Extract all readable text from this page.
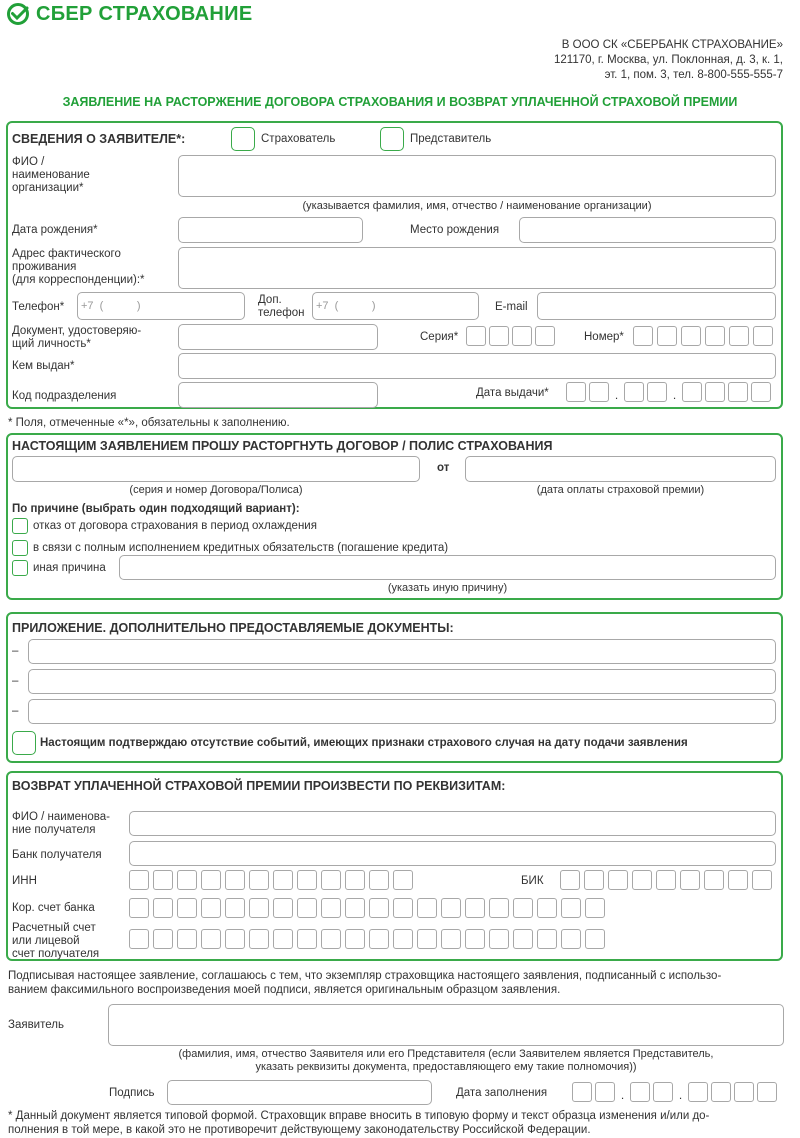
СБЕР СТРАХОВАНИЕ
В ООО СК «СБЕРБАНК СТРАХОВАНИЕ»
121170, г. Москва, ул. Поклонная, д. 3, к. 1,
эт. 1, пом. 3, тел. 8-800-555-555-7
ЗАЯВЛЕНИЕ НА РАСТОРЖЕНИЕ ДОГОВОРА СТРАХОВАНИЯ И ВОЗВРАТ УПЛАЧЕННОЙ СТРАХОВОЙ ПРЕМИИ
СВЕДЕНИЯ О ЗАЯВИТЕЛЕ*:	Страхователь	Представитель
ФИО /
наименование
организации*
(указывается фамилия, имя, отчество / наименование организации)
Дата рождения*	Место рождения
Адрес фактического
проживания
(для корреспонденции):*
Телефон*	+7  (           )	Доп.
телефон
+7  (           )	E-mail
Документ, удостоверяю-
щий личность*
Серия*	Номер*
Кем выдан*
Код подразделения	Дата выдачи*	.	.
* Поля, отмеченные «*», обязательны к заполнению.
НАСТОЯЩИМ ЗАЯВЛЕНИЕМ ПРОШУ РАСТОРГНУТЬ ДОГОВОР / ПОЛИС СТРАХОВАНИЯ
от
(серия и номер Договора/Полиса)	(дата оплаты страховой премии)
По причине (выбрать один подходящий вариант):
отказ от договора страхования в период охлаждения
в связи с полным исполнением кредитных обязательств (погашение кредита)
иная причина
(указать иную причину)
ПРИЛОЖЕНИЕ. ДОПОЛНИТЕЛЬНО ПРЕДОСТАВЛЯЕМЫЕ ДОКУМЕНТЫ:
–
–
–
Настоящим подтверждаю отсутствие событий, имеющих признаки страхового случая на дату подачи заявления
ВОЗВРАТ УПЛАЧЕННОЙ СТРАХОВОЙ ПРЕМИИ ПРОИЗВЕСТИ ПО РЕКВИЗИТАМ:
ФИО / наименова-
ние получателя
Банк получателя
ИНН	БИК
Кор. счет банка
Расчетный счет
или лицевой
счет получателя
Подписывая настоящее заявление, соглашаюсь с тем, что экземпляр страховщика настоящего заявления, подписанный с использо-
ванием факсимильного воспроизведения моей подписи, является оригинальным образцом заявления.
Заявитель
(фамилия, имя, отчество Заявителя или его Представителя (если Заявителем является Представитель,
указать реквизиты документа, предоставляющего ему такие полномочия))
Подпись	Дата заполнения	.	.
* Данный документ является типовой формой. Страховщик вправе вносить в типовую форму и текст образца изменения и/или до-
полнения в той мере, в какой это не противоречит действующему законодательству Российской Федерации.
